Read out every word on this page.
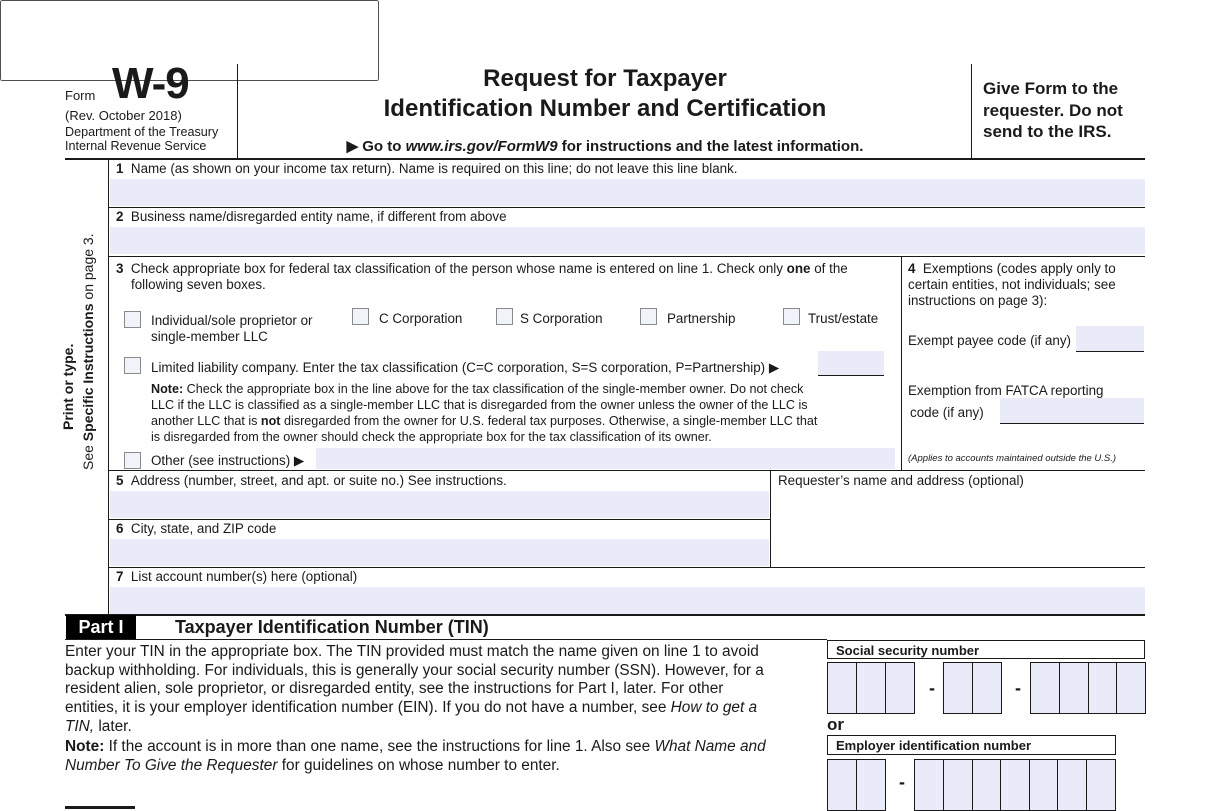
Form W-9
(Rev. October 2018)
Department of the Treasury
Internal Revenue Service
Request for Taxpayer
Identification Number and Certification
▶ Go to www.irs.gov/FormW9 for instructions and the latest information.
Give Form to the requester. Do not send to the IRS.
Print or type.
See Specific Instructions on page 3.
1 Name (as shown on your income tax return). Name is required on this line; do not leave this line blank.
2 Business name/disregarded entity name, if different from above
3 Check appropriate box for federal tax classification of the person whose name is entered on line 1. Check only one of the
following seven boxes.
Individual/sole proprietor or
single-member LLC
C Corporation	S Corporation	Partnership	Trust/estate
Limited liability company. Enter the tax classification (C=C corporation, S=S corporation, P=Partnership) ▶
Note: Check the appropriate box in the line above for the tax classification of the single-member owner. Do not check
LLC if the LLC is classified as a single-member LLC that is disregarded from the owner unless the owner of the LLC is
another LLC that is not disregarded from the owner for U.S. federal tax purposes. Otherwise, a single-member LLC that
is disregarded from the owner should check the appropriate box for the tax classification of its owner.
Other (see instructions) ▶
4 Exemptions (codes apply only to
certain entities, not individuals; see
instructions on page 3):
Exempt payee code (if any)
Exemption from FATCA reporting
code (if any)
(Applies to accounts maintained outside the U.S.)
5 Address (number, street, and apt. or suite no.) See instructions.	Requester’s name and address (optional)
6 City, state, and ZIP code
7 List account number(s) here (optional)
Part I	Taxpayer Identification Number (TIN)
Enter your TIN in the appropriate box. The TIN provided must match the name given on line 1 to avoid
backup withholding. For individuals, this is generally your social security number (SSN). However, for a
resident alien, sole proprietor, or disregarded entity, see the instructions for Part I, later. For other
entities, it is your employer identification number (EIN). If you do not have a number, see How to get a
TIN, later.
Note: If the account is in more than one name, see the instructions for line 1. Also see What Name and
Number To Give the Requester for guidelines on whose number to enter.
Social security number
-	-
or
Employer identification number
-
